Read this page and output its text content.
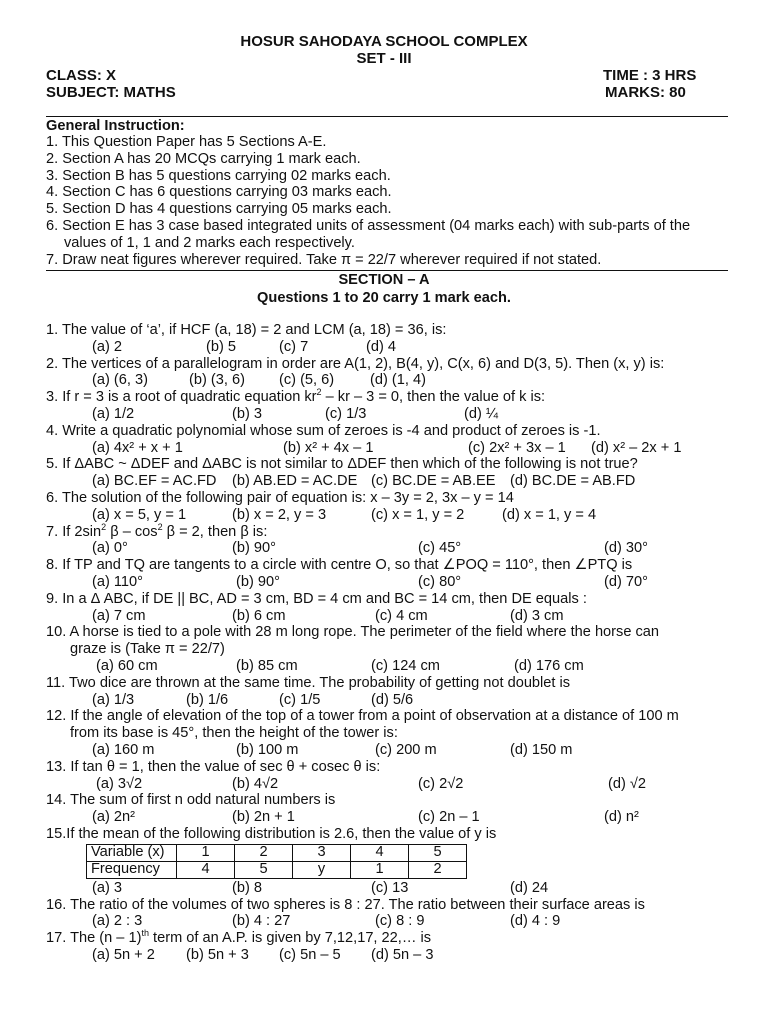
HOSUR SAHODAYA SCHOOL COMPLEX
SET - III
CLASS: X	TIME : 3 HRS
SUBJECT: MATHS	MARKS: 80
General Instruction:
1. This Question Paper has 5 Sections A-E.
2. Section A has 20 MCQs carrying 1 mark each.
3. Section B has 5 questions carrying 02 marks each.
4. Section C has 6 questions carrying 03 marks each.
5. Section D has 4 questions carrying 05 marks each.
6. Section E has 3 case based integrated units of assessment (04 marks each) with sub-parts of the
values of 1, 1 and 2 marks each respectively.
7. Draw neat figures wherever required. Take π = 22/7 wherever required if not stated.
SECTION – A
Questions 1 to 20 carry 1 mark each.
1. The value of ‘a’, if HCF (a, 18) = 2 and LCM (a, 18) = 36, is:
(a) 2	(b) 5	(c) 7	(d) 4
2. The vertices of a parallelogram in order are A(1, 2), B(4, y), C(x, 6) and D(3, 5). Then (x, y) is:
(a) (6, 3)	(b) (3, 6) (c) (5, 6) (d) (1, 4)
3. If r = 3 is a root of quadratic equation $kr^2$ – kr – 3 = 0, then the value of k is:
(a) 1/2	(b) 3	(c) 1/3	(d) ¼
4. Write a quadratic polynomial whose sum of zeroes is -4 and product of zeroes is -1.
(a) 4x² + x + 1	(b) x² + 4x – 1	(c) 2x² + 3x – 1 (d) x² – 2x + 1
5. If ΔABC ~ ΔDEF and ΔABC is not similar to ΔDEF then which of the following is not true?
(a) BC.EF = AC.FD (b) AB.ED = AC.DE (c) BC.DE = AB.EE (d) BC.DE = AB.FD
6. The solution of the following pair of equation is: x – 3y = 2, 3x – y = 14
(a) x = 5, y = 1	(b) x = 2, y = 3	(c) x = 1, y = 2	(d) x = 1, y = 4
7. If $2\sin^2$ $\beta - \cos^2 \beta = 2$, then β is:
(a) 0°	(b) 90°	(c) 45°	(d) 30°
8. If TP and TQ are tangents to a circle with centre O, so that ∠POQ = 110°, then ∠PTQ is
(a) 110°	(b) 90°	(c) 80°	(d) 70°
9. In a Δ ABC, if DE || BC, AD = 3 cm, BD = 4 cm and BC = 14 cm, then DE equals :
(a) 7 cm	(b) 6 cm	(c) 4 cm	(d) 3 cm
10. A horse is tied to a pole with 28 m long rope. The perimeter of the field where the horse can
graze is (Take π = 22/7)
(a) 60 cm	(b) 85 cm	(c) 124 cm	(d) 176 cm
11. Two dice are thrown at the same time. The probability of getting not doublet is
(a) 1/3	(b) 1/6	(c) 1/5	(d) 5/6
12. If the angle of elevation of the top of a tower from a point of observation at a distance of 100 m
from its base is 45°, then the height of the tower is:
(a) 160 m	(b) 100 m	(c) 200 m	(d) 150 m
13. If tan θ = 1, then the value of sec θ + cosec θ is:
(a) 3√2	(b) 4√2	(c) 2√2	(d) √2
14. The sum of first n odd natural numbers is
(a) 2n²	(b) 2n + 1	(c) 2n – 1	(d) n²
15.If the mean of the following distribution is 2.6, then the value of y is
Variable (x)	1	2	3	4	5
Frequency	4	5	y	1	2
(a) 3	(b) 8	(c) 13	(d) 24
16. The ratio of the volumes of two spheres is 8 : 27. The ratio between their surface areas is
(a) 2 : 3	(b) 4 : 27	(c) 8 : 9	(d) 4 : 9
17. The (n – 1)$^{th}$ term of an A.P. is given by 7,12,17, 22,… is
(a) 5n + 2 (b) 5n + 3 (c) 5n – 5 (d) 5n – 3
